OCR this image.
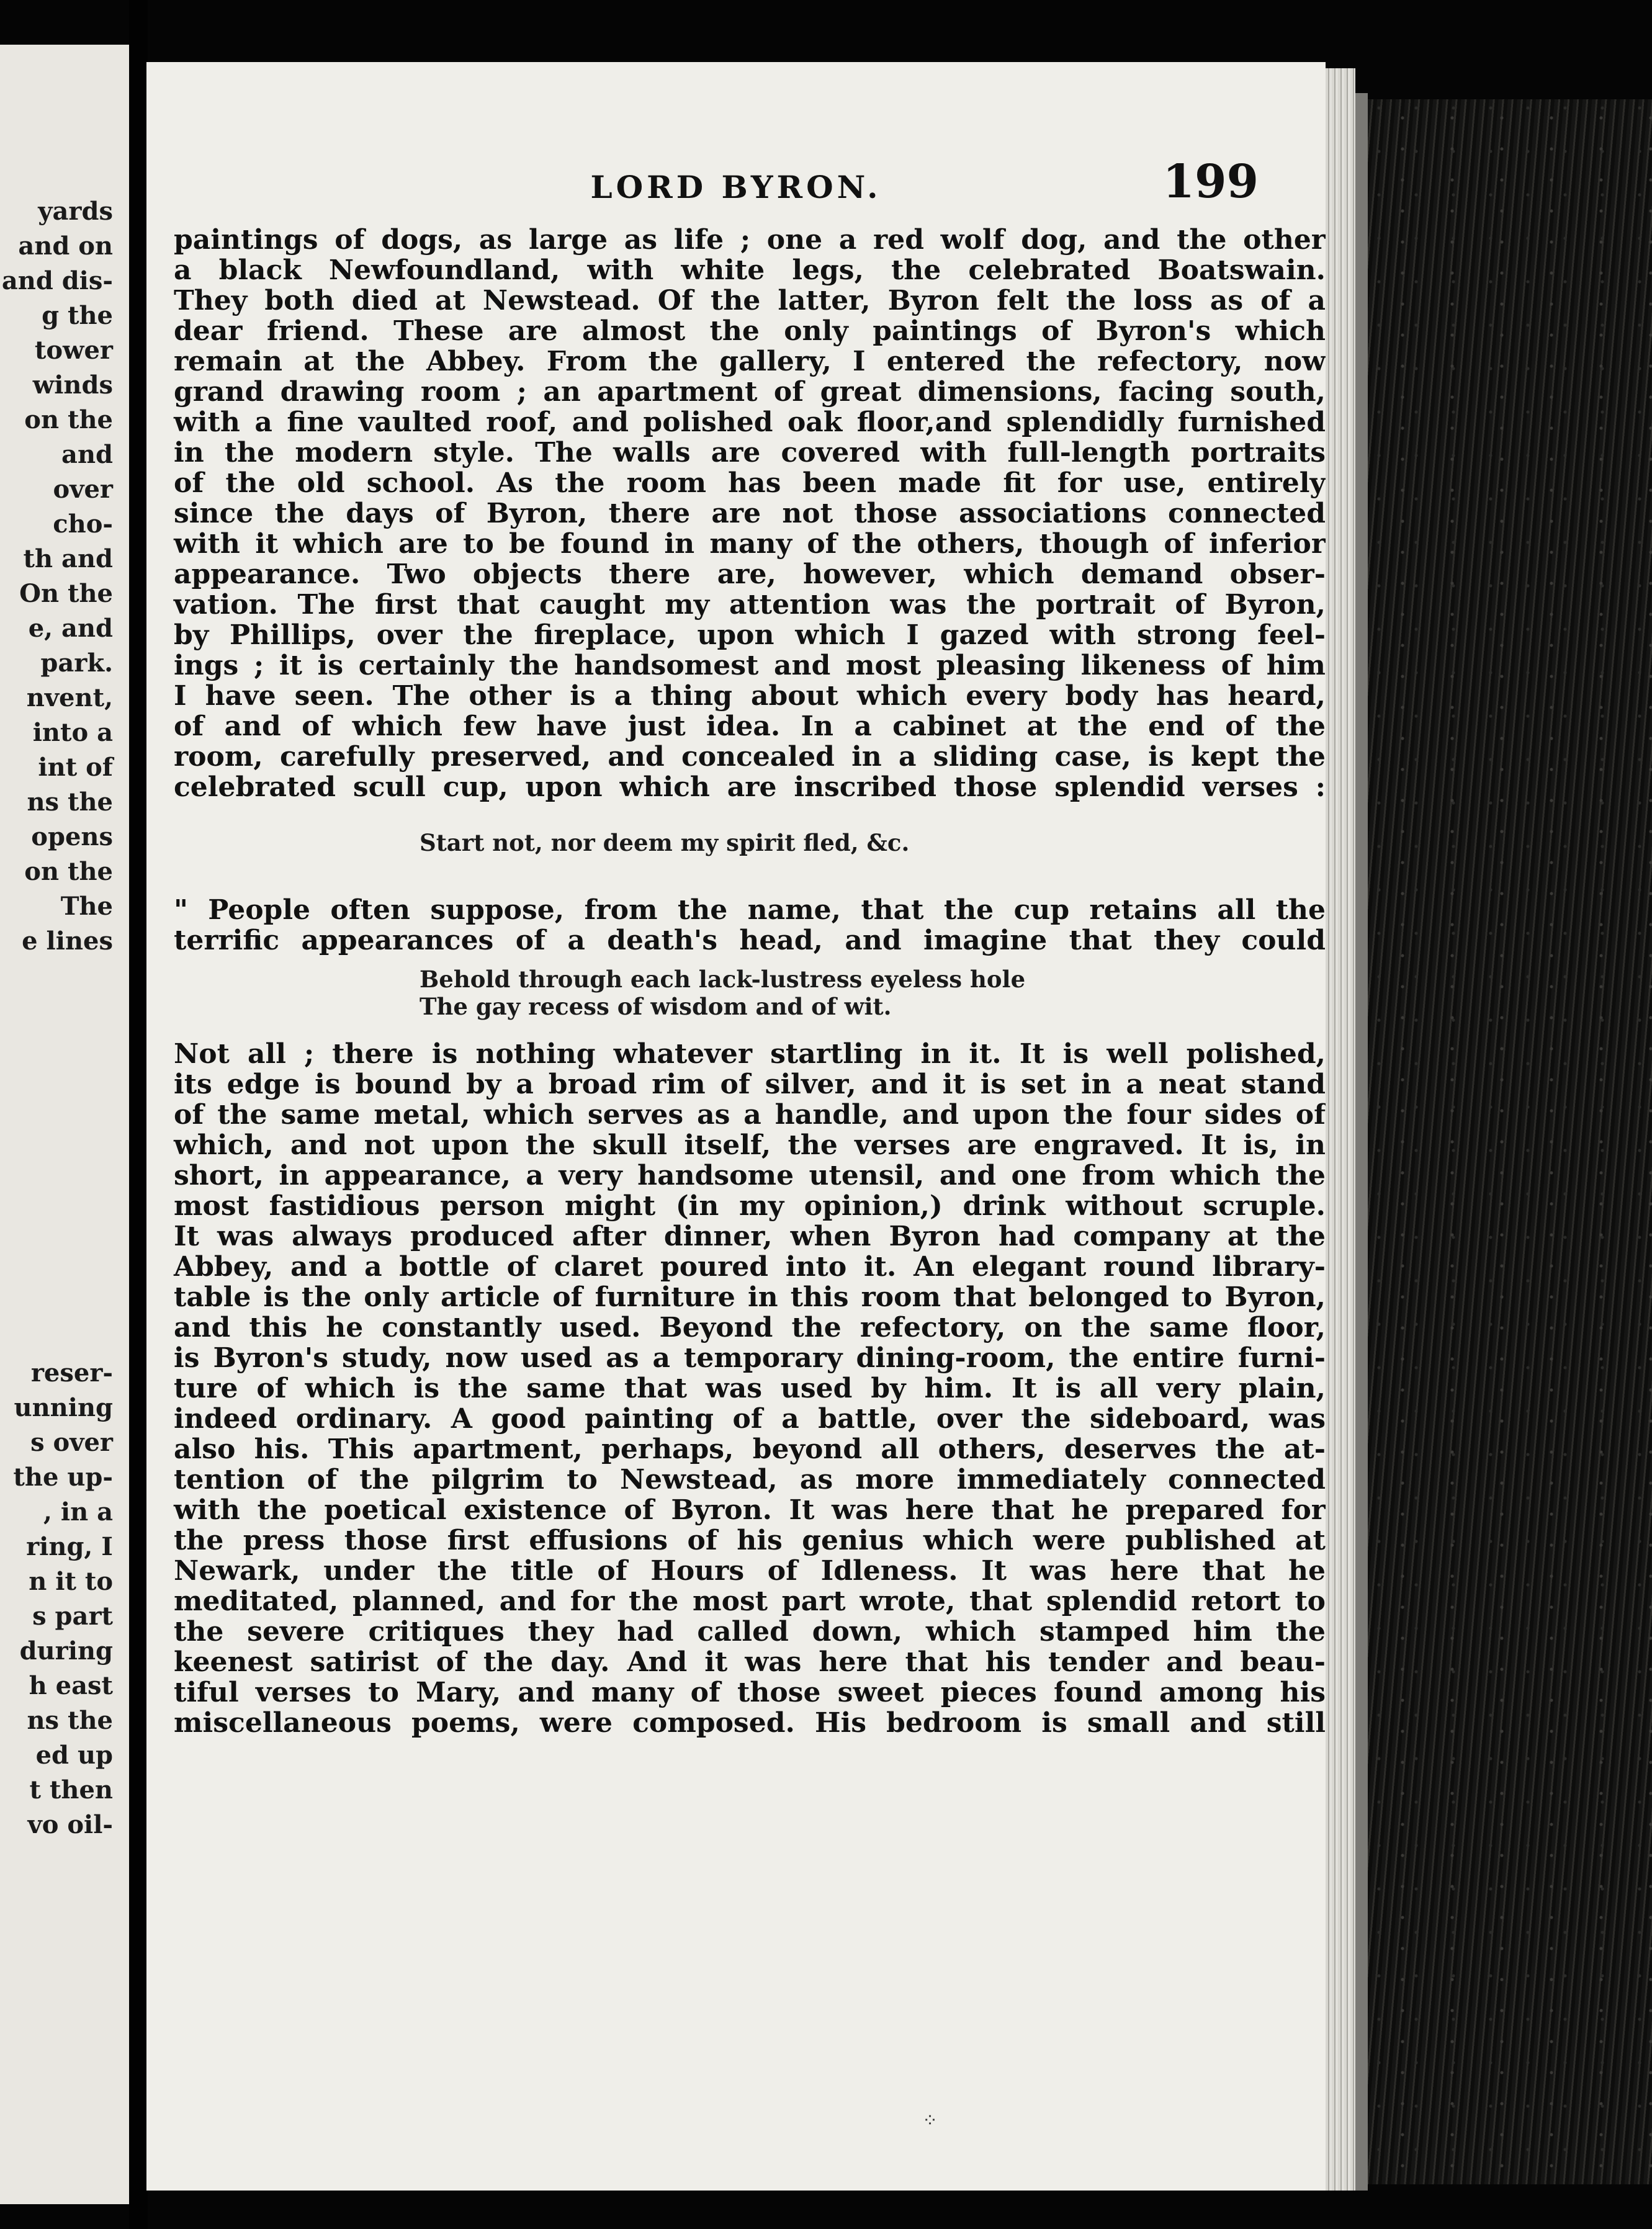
yards
and on
and dis-
g the
tower
winds
on the
and
over
cho-
th and
On the
e, and
park.
nvent,
into a
int of
ns the
opens
on the
The
e lines
reser-
unning
s over
the up-
, in a
ring, I
n it to
s part
during
h east
ns the
ed up
t then
vo oil-
LORD BYRON.	199
paintings of dogs, as large as life ; one a red wolf dog, and the other
a black Newfoundland, with white legs, the celebrated Boatswain.
They both died at Newstead. Of the latter, Byron felt the loss as of a
dear friend. These are almost the only paintings of Byron's which
remain at the Abbey. From the gallery, I entered the refectory, now
grand drawing room ; an apartment of great dimensions, facing south,
with a fine vaulted roof, and polished oak floor,and splendidly furnished
in the modern style. The walls are covered with full-length portraits
of the old school. As the room has been made fit for use, entirely
since the days of Byron, there are not those associations connected
with it which are to be found in many of the others, though of inferior
appearance. Two objects there are, however, which demand obser-
vation. The first that caught my attention was the portrait of Byron,
by Phillips, over the fireplace, upon which I gazed with strong feel-
ings ; it is certainly the handsomest and most pleasing likeness of him
I have seen. The other is a thing about which every body has heard,
of and of which few have just idea. In a cabinet at the end of the
room, carefully preserved, and concealed in a sliding case, is kept the
celebrated scull cup, upon which are inscribed those splendid verses :
Start not, nor deem my spirit fled, &c.
" People often suppose, from the name, that the cup retains all the
terrific appearances of a death's head, and imagine that they could
Behold through each lack-lustress eyeless hole
The gay recess of wisdom and of wit.
Not all ; there is nothing whatever startling in it. It is well polished,
its edge is bound by a broad rim of silver, and it is set in a neat stand
of the same metal, which serves as a handle, and upon the four sides of
which, and not upon the skull itself, the verses are engraved. It is, in
short, in appearance, a very handsome utensil, and one from which the
most fastidious person might (in my opinion,) drink without scruple.
It was always produced after dinner, when Byron had company at the
Abbey, and a bottle of claret poured into it. An elegant round library-
table is the only article of furniture in this room that belonged to Byron,
and this he constantly used. Beyond the refectory, on the same floor,
is Byron's study, now used as a temporary dining-room, the entire furni-
ture of which is the same that was used by him. It is all very plain,
indeed ordinary. A good painting of a battle, over the sideboard, was
also his. This apartment, perhaps, beyond all others, deserves the at-
tention of the pilgrim to Newstead, as more immediately connected
with the poetical existence of Byron. It was here that he prepared for
the press those first effusions of his genius which were published at
Newark, under the title of Hours of Idleness. It was here that he
meditated, planned, and for the most part wrote, that splendid retort to
the severe critiques they had called down, which stamped him the
keenest satirist of the day. And it was here that his tender and beau-
tiful verses to Mary, and many of those sweet pieces found among his
miscellaneous poems, were composed. His bedroom is small and still
⁘
